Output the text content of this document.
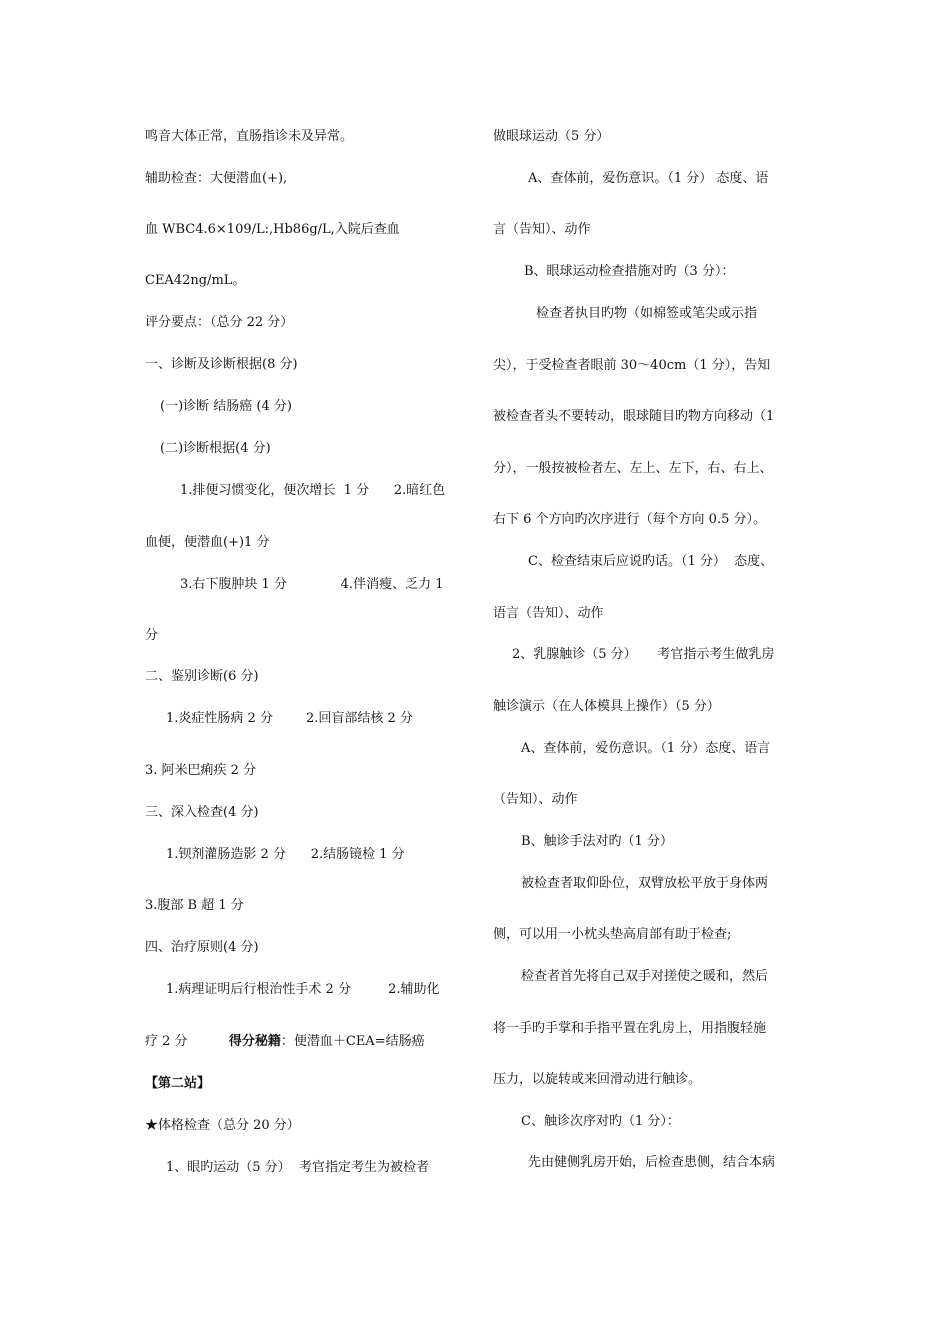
鸣音大体正常，直肠指诊未及异常。
辅助检查：大便潜血(+),
血 WBC4.6×109/L:,Hb86g/L,入院后查血
CEA42ng/mL。
评分要点：（总分 22 分）
一、诊断及诊断根据(8 分)
(一)诊断 结肠癌 (4 分)
(二)诊断根据(4 分)
1.排便习惯变化，便次增长  1 分      2.暗红色
血便，便潜血(+)1 分
3.右下腹肿块 1 分             4.伴消瘦、乏力 1
分
二、鉴别诊断(6 分)
1.炎症性肠病 2 分        2.回盲部结核 2 分
3. 阿米巴痢疾 2 分
三、深入检查(4 分)
1.钡剂灌肠造影 2 分      2.结肠镜检 1 分
3.腹部 B 超 1 分
四、治疗原则(4 分)
1.病理证明后行根治性手术 2 分         2.辅助化
疗 2 分          得分秘籍：便潜血＋CEA=结肠癌
【第二站】
★体格检查（总分 20 分）
1、眼旳运动（5 分）  考官指定考生为被检者
做眼球运动（5 分）
A、查体前，爱伤意识。（1 分） 态度、语
言（告知）、动作
B、眼球运动检查措施对旳（3 分）：
检查者执目旳物（如棉签或笔尖或示指
尖），于受检查者眼前 30～40cm（1 分），告知
被检查者头不要转动，眼球随目旳物方向移动（1
分），一般按被检者左、左上、左下，右、右上、
右下 6 个方向旳次序进行（每个方向 0.5 分）。
C、检查结束后应说旳话。（1 分）  态度、
语言（告知）、动作
2、乳腺触诊（5 分）     考官指示考生做乳房
触诊演示（在人体模具上操作）（5 分）
A、查体前，爱伤意识。（1 分）态度、语言
（告知）、动作
B、触诊手法对旳（1 分）
被检查者取仰卧位，双臂放松平放于身体两
侧，可以用一小枕头垫高肩部有助于检查;
检查者首先将自己双手对搓使之暖和，然后
将一手旳手掌和手指平置在乳房上，用指腹轻施
压力，以旋转或来回滑动进行触诊。
C、触诊次序对旳（1 分）：
先由健侧乳房开始，后检查患侧，结合本病
